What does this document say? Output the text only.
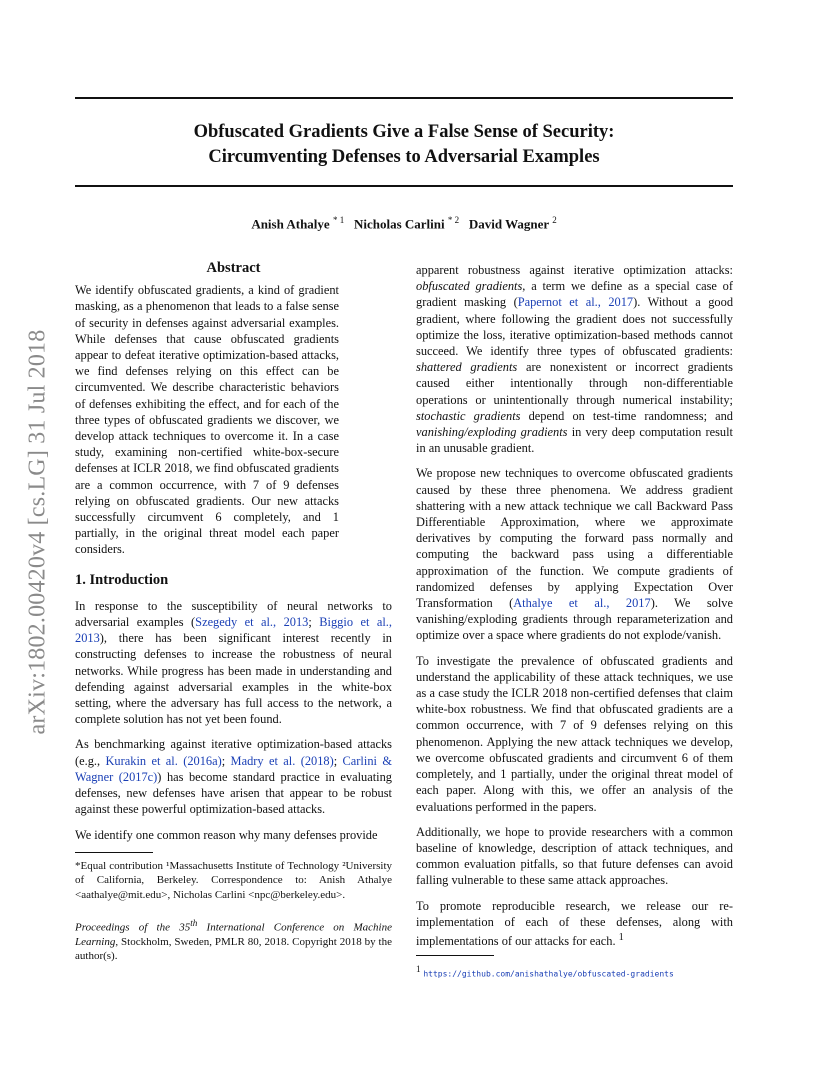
Obfuscated Gradients Give a False Sense of Security:
Circumventing Defenses to Adversarial Examples
Anish Athalye $^{* 1}$ Nicholas Carlini $^{* 2}$ David Wagner $^2$
arXiv:1802.00420v4 [cs.LG] 31 Jul 2018
Abstract

We identify obfuscated gradients, a kind of gradient masking, as a phenomenon that leads to a false sense of security in defenses against adversarial examples. While defenses that cause obfuscated gradients appear to defeat iterative optimization-based attacks, we find defenses relying on this effect can be circumvented. We describe characteristic behaviors of defenses exhibiting the effect, and for each of the three types of obfuscated gradients we discover, we develop attack techniques to overcome it. In a case study, examining non-certified white-box-secure defenses at ICLR 2018, we find obfuscated gradients are a common occurrence, with 7 of 9 defenses relying on obfuscated gradients. Our new attacks successfully circumvent 6 completely, and 1 partially, in the original threat model each paper considers.

1. Introduction

In response to the susceptibility of neural networks to adversarial examples (Szegedy et al., 2013; Biggio et al., 2013), there has been significant interest recently in constructing defenses to increase the robustness of neural networks. While progress has been made in understanding and defending against adversarial examples in the white-box setting, where the adversary has full access to the network, a complete solution has not yet been found.

As benchmarking against iterative optimization-based attacks (e.g., Kurakin et al. (2016a); Madry et al. (2018); Carlini & Wagner (2017c)) has become standard practice in evaluating defenses, new defenses have arisen that appear to be robust against these powerful optimization-based attacks.

We identify one common reason why many defenses provide

*Equal contribution ¹Massachusetts Institute of Technology ²University of California, Berkeley. Correspondence to: Anish Athalye <aathalye@mit.edu>, Nicholas Carlini <npc@berkeley.edu>.

Proceedings of the 35th International Conference on Machine Learning, Stockholm, Sweden, PMLR 80, 2018. Copyright 2018 by the author(s).

apparent robustness against iterative optimization attacks: obfuscated gradients, a term we define as a special case of gradient masking (Papernot et al., 2017). Without a good gradient, where following the gradient does not successfully optimize the loss, iterative optimization-based methods cannot succeed. We identify three types of obfuscated gradients: shattered gradients are nonexistent or incorrect gradients caused either intentionally through non-differentiable operations or unintentionally through numerical instability; stochastic gradients depend on test-time randomness; and vanishing/exploding gradients in very deep computation result in an unusable gradient.

We propose new techniques to overcome obfuscated gradients caused by these three phenomena. We address gradient shattering with a new attack technique we call Backward Pass Differentiable Approximation, where we approximate derivatives by computing the forward pass normally and computing the backward pass using a differentiable approximation of the function. We compute gradients of randomized defenses by applying Expectation Over Transformation (Athalye et al., 2017). We solve vanishing/exploding gradients through reparameterization and optimize over a space where gradients do not explode/vanish.

To investigate the prevalence of obfuscated gradients and understand the applicability of these attack techniques, we use as a case study the ICLR 2018 non-certified defenses that claim white-box robustness. We find that obfuscated gradients are a common occurrence, with 7 of 9 defenses relying on this phenomenon. Applying the new attack techniques we develop, we overcome obfuscated gradients and circumvent 6 of them completely, and 1 partially, under the original threat model of each paper. Along with this, we offer an analysis of the evaluations performed in the papers.

Additionally, we hope to provide researchers with a common baseline of knowledge, description of attack techniques, and common evaluation pitfalls, so that future defenses can avoid falling vulnerable to these same attack approaches.

To promote reproducible research, we release our re-implementation of each of these defenses, along with implementations of our attacks for each. $^1$

$^1$ https://github.com/anishathalye/obfuscated-gradients
